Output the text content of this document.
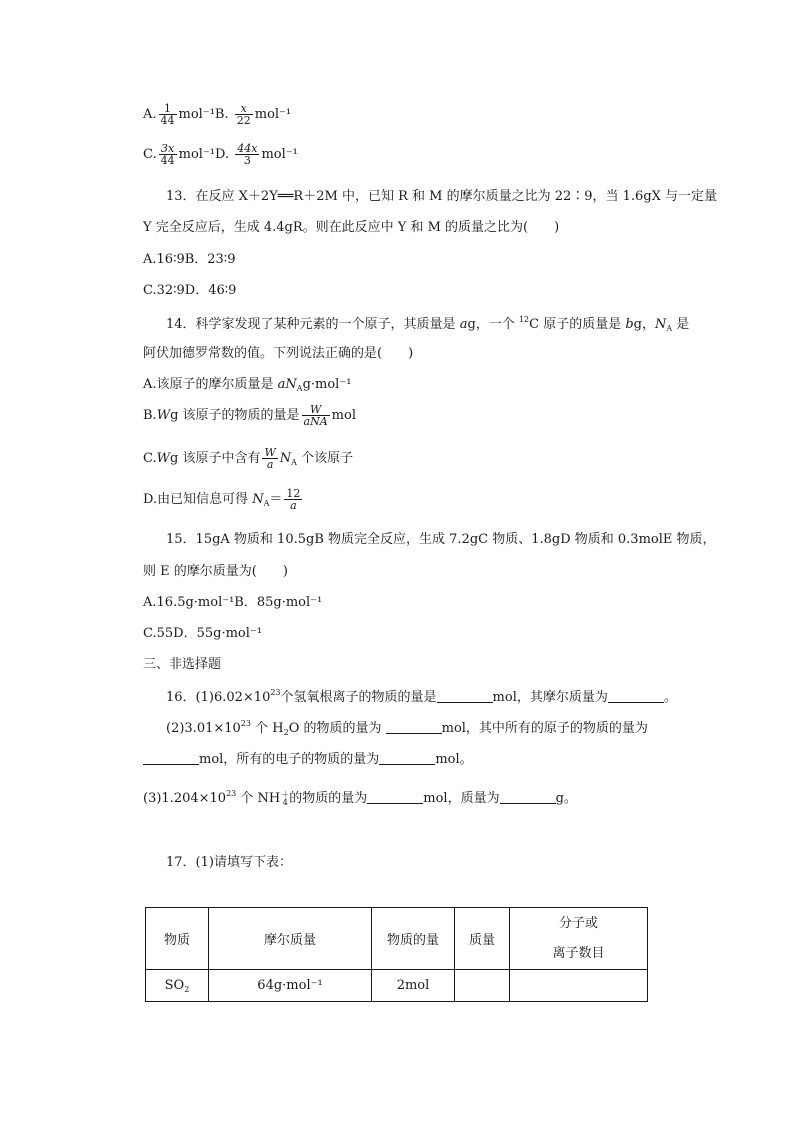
A. $\frac{1}{44} mol^{-1}B$. $\frac{x}{22} mol^{-1}$
C. $\frac{3x}{44} mol^{-1}D$. $\frac{44x}{3} mol^{-1}$
13．在反应 X＋2Y══R＋2M 中，已知 R 和 M 的摩尔质量之比为 22∶9，当 1.6gX 与一定量
Y 完全反应后，生成 4.4gR。则在此反应中 Y 和 M 的质量之比为(　　)
A.16∶9B．23∶9
C.32∶9D．46∶9
14．科学家发现了某种元素的一个原子，其质量是 ag，一个 $^{12}$C 原子的质量是 bg，$N_A$ 是
阿伏加德罗常数的值。下列说法正确的是(　　)
A.该原子的摩尔质量是 $aN_Ag\cdot mol^{-1}$
B.Wg 该原子的物质的量是 $\frac{W}{\text{aNA}}$ mol
C.Wg 该原子中含有 $\frac{W}{a} N_A$ 个该原子
D.由已知信息可得 $N_A= \frac{12}{a}$
15．15gA 物质和 10.5gB 物质完全反应，生成 7.2gC 物质、1.8gD 物质和 0.3molE 物质，
则 E 的摩尔质量为(　　)
A.16.5g·mol⁻¹B．85g·mol⁻¹
C.55D．55g·mol⁻¹
三、非选择题
16．$(1)6.02\times 10^{23}$个氢氧根离子的物质的量是	mol，其摩尔质量为	。
$(2)3.01\times 10^{23}$ 个 $H_2O$ 的物质的量为	mol，其中所有的原子的物质的量为
mol，所有的电子的物质的量为	mol。
$(3)1.204\times 10^{23}$ 个 NH ＋
4 的物质的量为	mol，质量为	g。
17．(1)请填写下表：
物质	摩尔质量	物质的量	质量	分子或
离子数目

$SO_2$	64g·mol⁻¹	2mol		
